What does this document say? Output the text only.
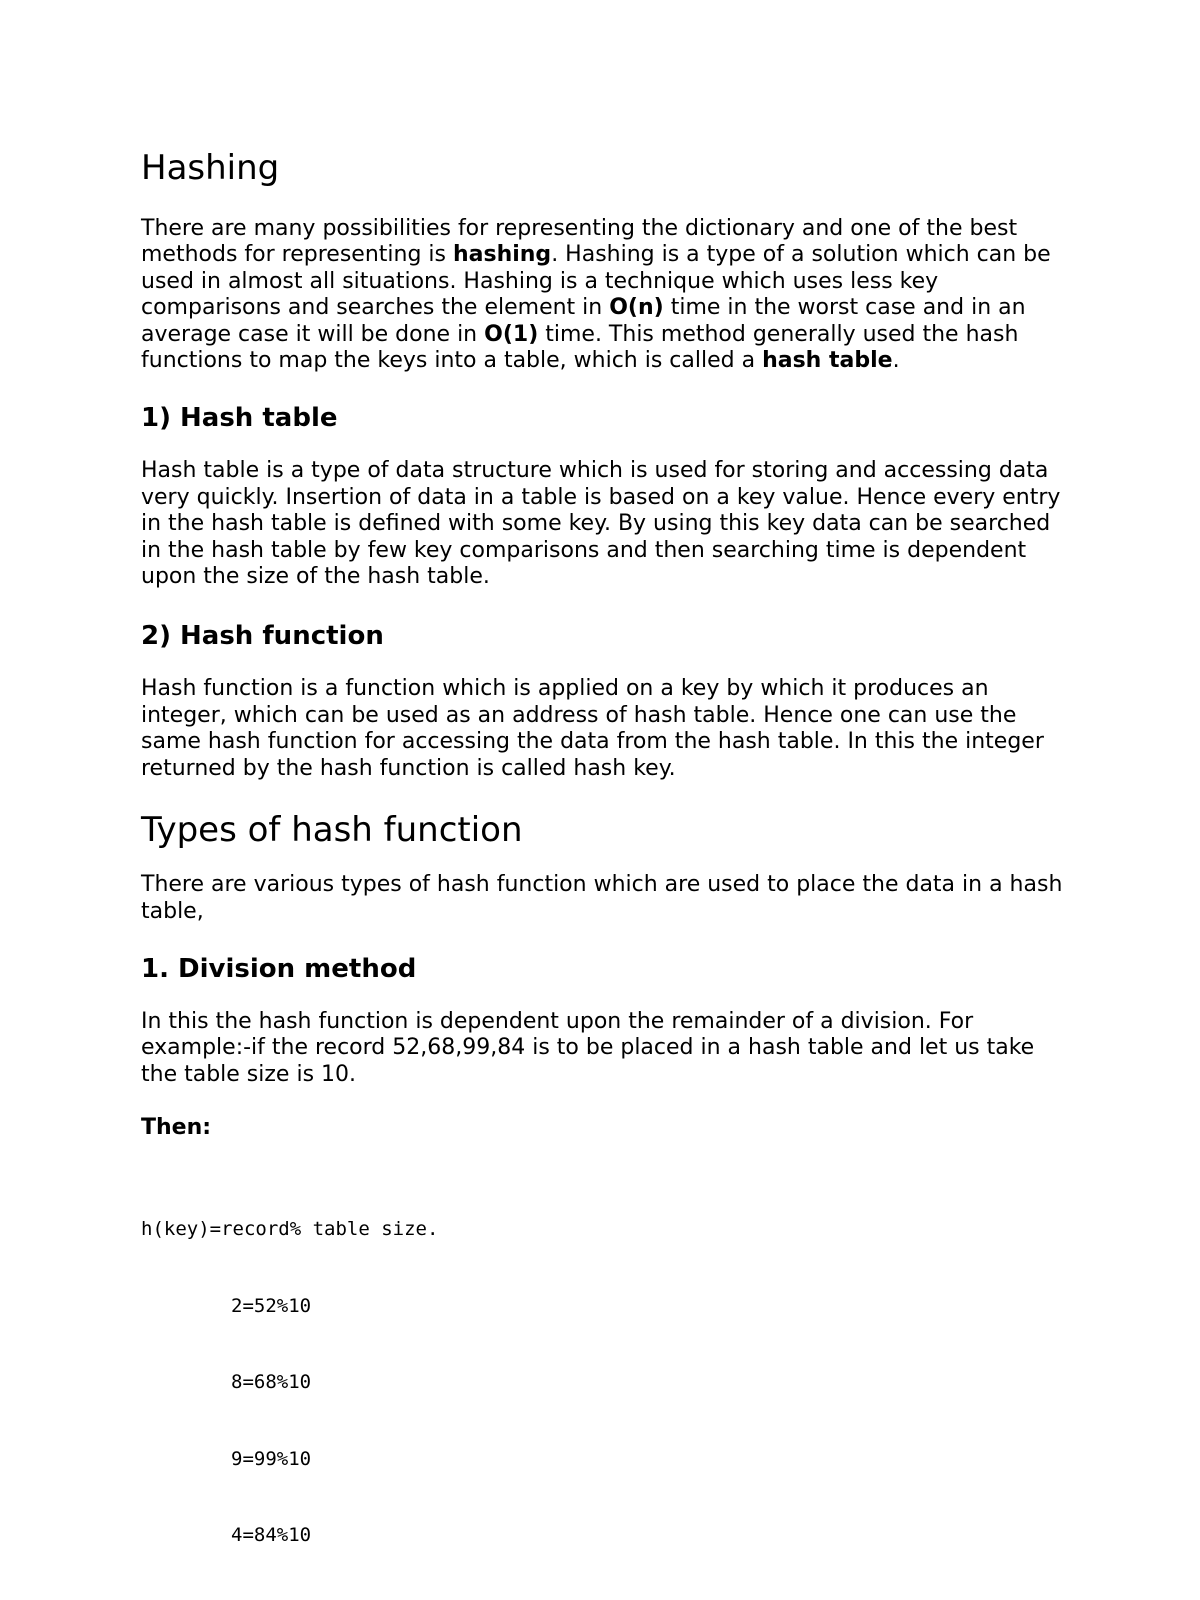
Hashing

There are many possibilities for representing the dictionary and one of the best methods for representing is hashing. Hashing is a type of a solution which can be used in almost all situations. Hashing is a technique which uses less key comparisons and searches the element in O(n) time in the worst case and in an average case it will be done in O(1) time. This method generally used the hash functions to map the keys into a table, which is called a hash table.

1) Hash table

Hash table is a type of data structure which is used for storing and accessing data very quickly. Insertion of data in a table is based on a key value. Hence every entry in the hash table is defined with some key. By using this key data can be searched in the hash table by few key comparisons and then searching time is dependent upon the size of the hash table.

2) Hash function

Hash function is a function which is applied on a key by which it produces an integer, which can be used as an address of hash table. Hence one can use the same hash function for accessing the data from the hash table. In this the integer returned by the hash function is called hash key.

Types of hash function

There are various types of hash function which are used to place the data in a hash table,

1. Division method

In this the hash function is dependent upon the remainder of a division. For example:-if the record 52,68,99,84 is to be placed in a hash table and let us take the table size is 10.

Then:

h(key)=record% table size.

2=52%10

8=68%10

9=99%10

4=84%10
